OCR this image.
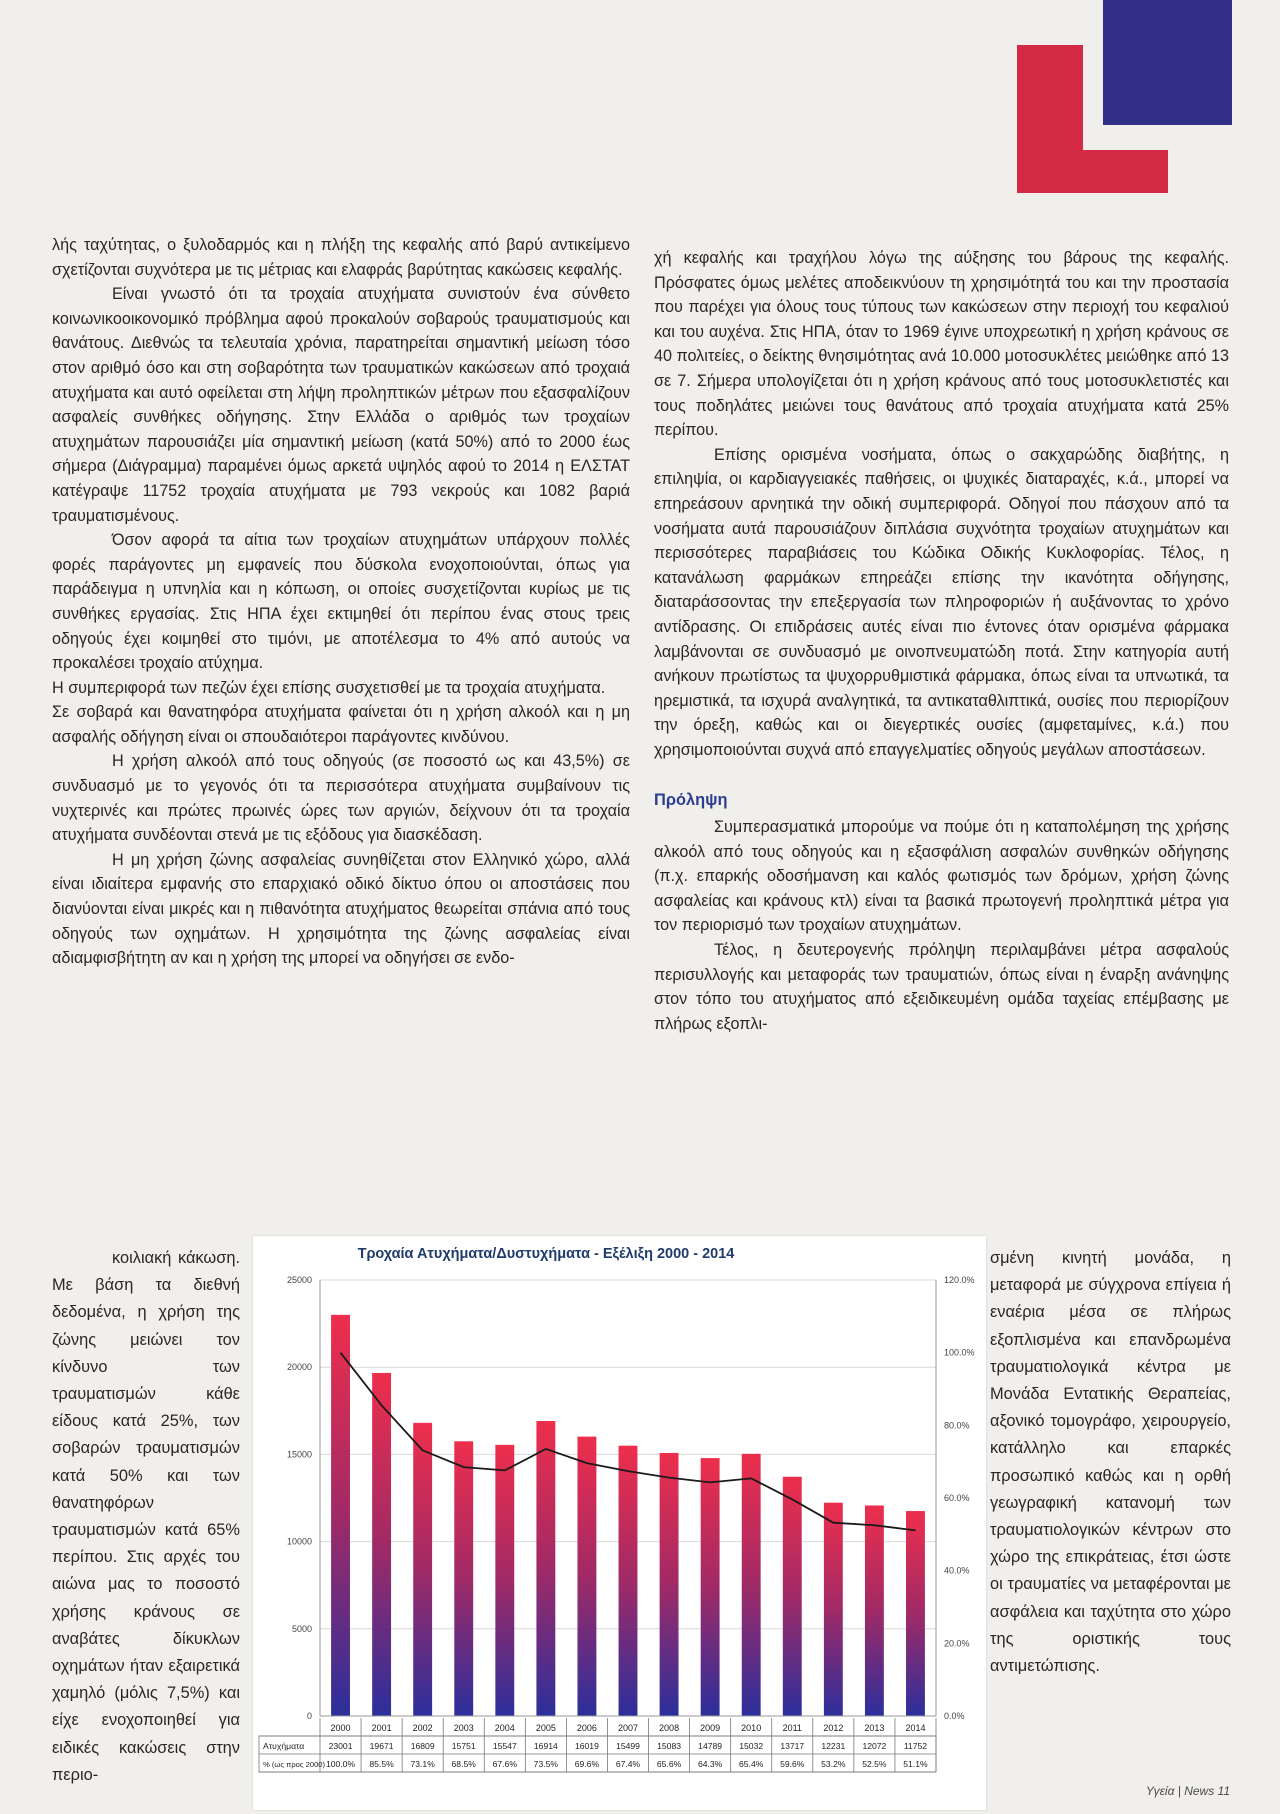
λής ταχύτητας, ο ξυλοδαρμός και η πλήξη της κεφαλής από βαρύ αντικείμενο σχετίζονται συχνότερα με τις μέτριας και ελαφράς βαρύτητας κακώσεις κεφαλής.

Είναι γνωστό ότι τα τροχαία ατυχήματα συνιστούν ένα σύνθετο κοινωνικοοικονομικό πρόβλημα αφού προκαλούν σοβαρούς τραυματισμούς και θανάτους. Διεθνώς τα τελευταία χρόνια, παρατηρείται σημαντική μείωση τόσο στον αριθμό όσο και στη σοβαρότητα των τραυματικών κακώσεων από τροχαιά ατυχήματα και αυτό οφείλεται στη λήψη προληπτικών μέτρων που εξασφαλίζουν ασφαλείς συνθήκες οδήγησης. Στην Ελλάδα ο αριθμός των τροχαίων ατυχημάτων παρουσιάζει μία σημαντική μείωση (κατά 50%) από το 2000 έως σήμερα (Διάγραμμα) παραμένει όμως αρκετά υψηλός αφού το 2014 η ΕΛΣΤΑΤ κατέγραψε 11752 τροχαία ατυχήματα με 793 νεκρούς και 1082 βαριά τραυματισμένους.

Όσον αφορά τα αίτια των τροχαίων ατυχημάτων υπάρχουν πολλές φορές παράγοντες μη εμφανείς που δύσκολα ενοχοποιούνται, όπως για παράδειγμα η υπνηλία και η κόπωση, οι οποίες συσχετίζονται κυρίως με τις συνθήκες εργασίας. Στις ΗΠΑ έχει εκτιμηθεί ότι περίπου ένας στους τρεις οδηγούς έχει κοιμηθεί στο τιμόνι, με αποτέλεσμα το 4% από αυτούς να προκαλέσει τροχαίο ατύχημα.

Η συμπεριφορά των πεζών έχει επίσης συσχετισθεί με τα τροχαία ατυχήματα.

Σε σοβαρά και θανατηφόρα ατυχήματα φαίνεται ότι η χρήση αλκοόλ και η μη ασφαλής οδήγηση είναι οι σπουδαιότεροι παράγοντες κινδύνου.

Η χρήση αλκοόλ από τους οδηγούς (σε ποσοστό ως και 43,5%) σε συνδυασμό με το γεγονός ότι τα περισσότερα ατυχήματα συμβαίνουν τις νυχτερινές και πρώτες πρωινές ώρες των αργιών, δείχνουν ότι τα τροχαία ατυχήματα συνδέονται στενά με τις εξόδους για διασκέδαση.

Η μη χρήση ζώνης ασφαλείας συνηθίζεται στον Ελληνικό χώρο, αλλά είναι ιδιαίτερα εμφανής στο επαρχιακό οδικό δίκτυο όπου οι αποστάσεις που διανύονται είναι μικρές και η πιθανότητα ατυχήματος θεωρείται σπάνια από τους οδηγούς των οχημάτων. Η χρησιμότητα της ζώνης ασφαλείας είναι αδιαμφισβήτητη αν και η χρήση της μπορεί να οδηγήσει σε ενδο-

χή κεφαλής και τραχήλου λόγω της αύξησης του βάρους της κεφαλής. Πρόσφατες όμως μελέτες αποδεικνύουν τη χρησιμότητά του και την προστασία που παρέχει για όλους τους τύπους των κακώσεων στην περιοχή του κεφαλιού και του αυχένα. Στις ΗΠΑ, όταν το 1969 έγινε υποχρεωτική η χρήση κράνους σε 40 πολιτείες, ο δείκτης θνησιμότητας ανά 10.000 μοτοσυκλέτες μειώθηκε από 13 σε 7. Σήμερα υπολογίζεται ότι η χρήση κράνους από τους μοτοσυκλετιστές και τους ποδηλάτες μειώνει τους θανάτους από τροχαία ατυχήματα κατά 25% περίπου.

Επίσης ορισμένα νοσήματα, όπως ο σακχαρώδης διαβήτης, η επιληψία, οι καρδιαγγειακές παθήσεις, οι ψυχικές διαταραχές, κ.ά., μπορεί να επηρεάσουν αρνητικά την οδική συμπεριφορά. Οδηγοί που πάσχουν από τα νοσήματα αυτά παρουσιάζουν διπλάσια συχνότητα τροχαίων ατυχημάτων και περισσότερες παραβιάσεις του Κώδικα Οδικής Κυκλοφορίας. Τέλος, η κατανάλωση φαρμάκων επηρεάζει επίσης την ικανότητα οδήγησης, διαταράσσοντας την επεξεργασία των πληροφοριών ή αυξάνοντας το χρόνο αντίδρασης. Οι επιδράσεις αυτές είναι πιο έντονες όταν ορισμένα φάρμακα λαμβάνονται σε συνδυασμό με οινοπνευματώδη ποτά. Στην κατηγορία αυτή ανήκουν πρωτίστως τα ψυχορρυθμιστικά φάρμακα, όπως είναι τα υπνωτικά, τα ηρεμιστικά, τα ισχυρά αναλγητικά, τα αντικαταθλιπτικά, ουσίες που περιορίζουν την όρεξη, καθώς και οι διεγερτικές ουσίες (αμφεταμίνες, κ.ά.) που χρησιμοποιούνται συχνά από επαγγελματίες οδηγούς μεγάλων αποστάσεων.

Πρόληψη

Συμπερασματικά μπορούμε να πούμε ότι η καταπολέμηση της χρήσης αλκοόλ από τους οδηγούς και η εξασφάλιση ασφαλών συνθηκών οδήγησης (π.χ. επαρκής οδοσήμανση και καλός φωτισμός των δρόμων, χρήση ζώνης ασφαλείας και κράνους κτλ) είναι τα βασικά πρωτογενή προληπτικά μέτρα για τον περιορισμό των τροχαίων ατυχημάτων.

Τέλος, η δευτερογενής πρόληψη περιλαμβάνει μέτρα ασφαλούς περισυλλογής και μεταφοράς των τραυματιών, όπως είναι η έναρξη ανάνηψης στον τόπο του ατυχήματος από εξειδικευμένη ομάδα ταχείας επέμβασης με πλήρως εξοπλι-

κοιλιακή κάκωση. Με βάση τα διεθνή δεδομένα, η χρήση της ζώνης μειώνει τον κίνδυνο των τραυματισμών κάθε είδους κατά 25%, των σοβαρών τραυματισμών κατά 50% και των θανατηφόρων τραυματισμών κατά 65% περίπου. Στις αρχές του αιώνα μας το ποσοστό χρήσης κράνους σε αναβάτες δίκυκλων οχημάτων ήταν εξαιρετικά χαμηλό (μόλις 7,5%) και είχε ενοχοποιηθεί για ειδικές κακώσεις στην περιο-

σμένη κινητή μονάδα, η μεταφορά με σύγχρονα επίγεια ή εναέρια μέσα σε πλήρως εξοπλισμένα και επανδρωμένα τραυματιολογικά κέντρα με Μονάδα Εντατικής Θεραπείας, αξονικό τομογράφο, χειρουργείο, κατάλληλο και επαρκές προσωπικό καθώς και η ορθή γεωγραφική κατανομή των τραυματιολογικών κέντρων στο χώρο της επικράτειας, έτσι ώστε οι τραυματίες να μεταφέρονται με ασφάλεια και ταχύτητα στο χώρο της οριστικής τους αντιμετώπισης.

Τροχαία Ατυχήματα/Δυστυχήματα - Εξέλιξη 2000 - 2014
0
5000
10000
15000
20000
25000
0.0%
20.0%
40.0%
60.0%
80.0%
100.0%
120.0%
2000
23001
100.0%
2001
19671
85.5%
2002
16809
73.1%
2003
15751
68.5%
2004
15547
67.6%
2005
16914
73.5%
2006
16019
69.6%
2007
15499
67.4%
2008
15083
65.6%
2009
14789
64.3%
2010
15032
65.4%
2011
13717
59.6%
2012
12231
53.2%
2013
12072
52.5%
2014
11752
51.1%
Ατυχήματα
% (ως προς 2000)
Υγεία | News 11
